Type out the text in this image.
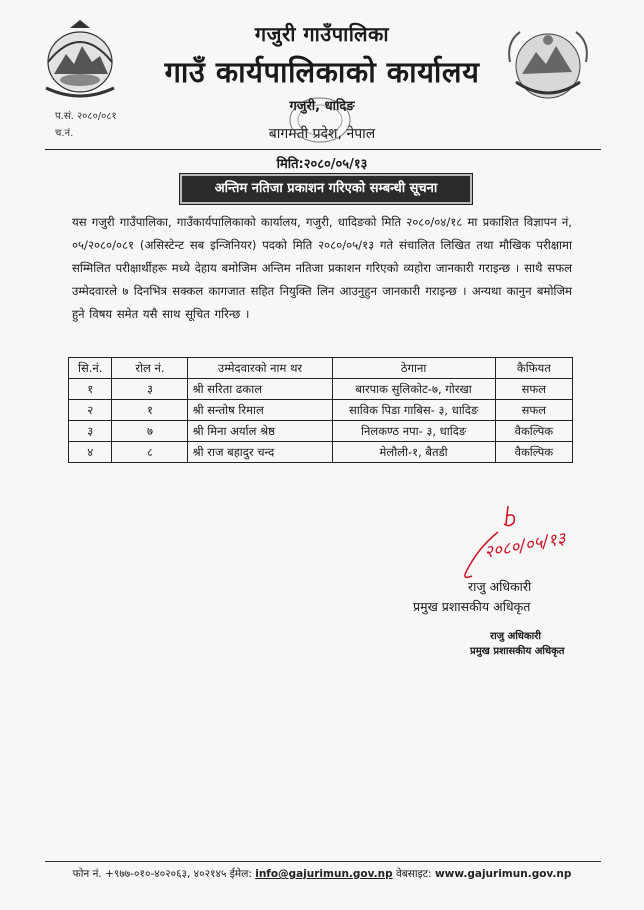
प.सं. २०८०/०८१
च.नं.
गजुरी गाउँपालिका
गाउँ कार्यपालिकाको कार्यालय
गजुरी, धादिङ
बागमती प्रदेश, नेपाल
मिति:२०८०/०५/१३
अन्तिम नतिजा प्रकाशन गरिएको सम्बन्धी सूचना
यस गजुरी गाउँपालिका, गाउँकार्यपालिकाको कार्यालय, गजुरी, धादिङको मिति २०८०/०४/१८ मा प्रकाशित विज्ञापन नं, ०५/२०८०/०८१ (असिस्टेन्ट सब इन्जिनियर) पदको मिति २०८०/०५/१३ गते संचालित लिखित तथा मौखिक परीक्षामा सम्मिलित परीक्षार्थीहरू मध्ये देहाय बमोजिम अन्तिम नतिजा प्रकाशन गरिएको व्यहोरा जानकारी गराइन्छ । साथै सफल उम्मेदवारले ७ दिनभित्र सक्कल कागजात सहित नियुक्ति लिन आउनुहुन जानकारी गराइन्छ । अन्यथा कानुन बमोजिम हुने विषय समेत यसै साथ सूचित गरिन्छ ।
सि.नं.	रोल नं.	उम्मेदवारको नाम थर	ठेगाना	कैफियत
१	३	श्री सरिता ढकाल	बारपाक सुलिकोट-७, गोरखा	सफल
२	१	श्री सन्तोष रिमाल	साविक पिडा गाबिस- ३, धादिङ	सफल
३	७	श्री मिना अर्याल श्रेष्ठ	निलकण्ठ नपा- ३, धादिङ	वैकल्पिक
४	८	श्री राज बहादुर चन्द	मेलौली-१, बैतडी	वैकल्पिक
२०८०/०५/१३
राजु अधिकारी
प्रमुख प्रशासकीय अधिकृत
राजु अधिकारी
प्रमुख प्रशासकीय अधिकृत
फोन नं. +९७७-०१०-४०२०६३, ४०२१४५ ईमेल: info@gajurimun.gov.np वेबसाइट: www.gajurimun.gov.np
